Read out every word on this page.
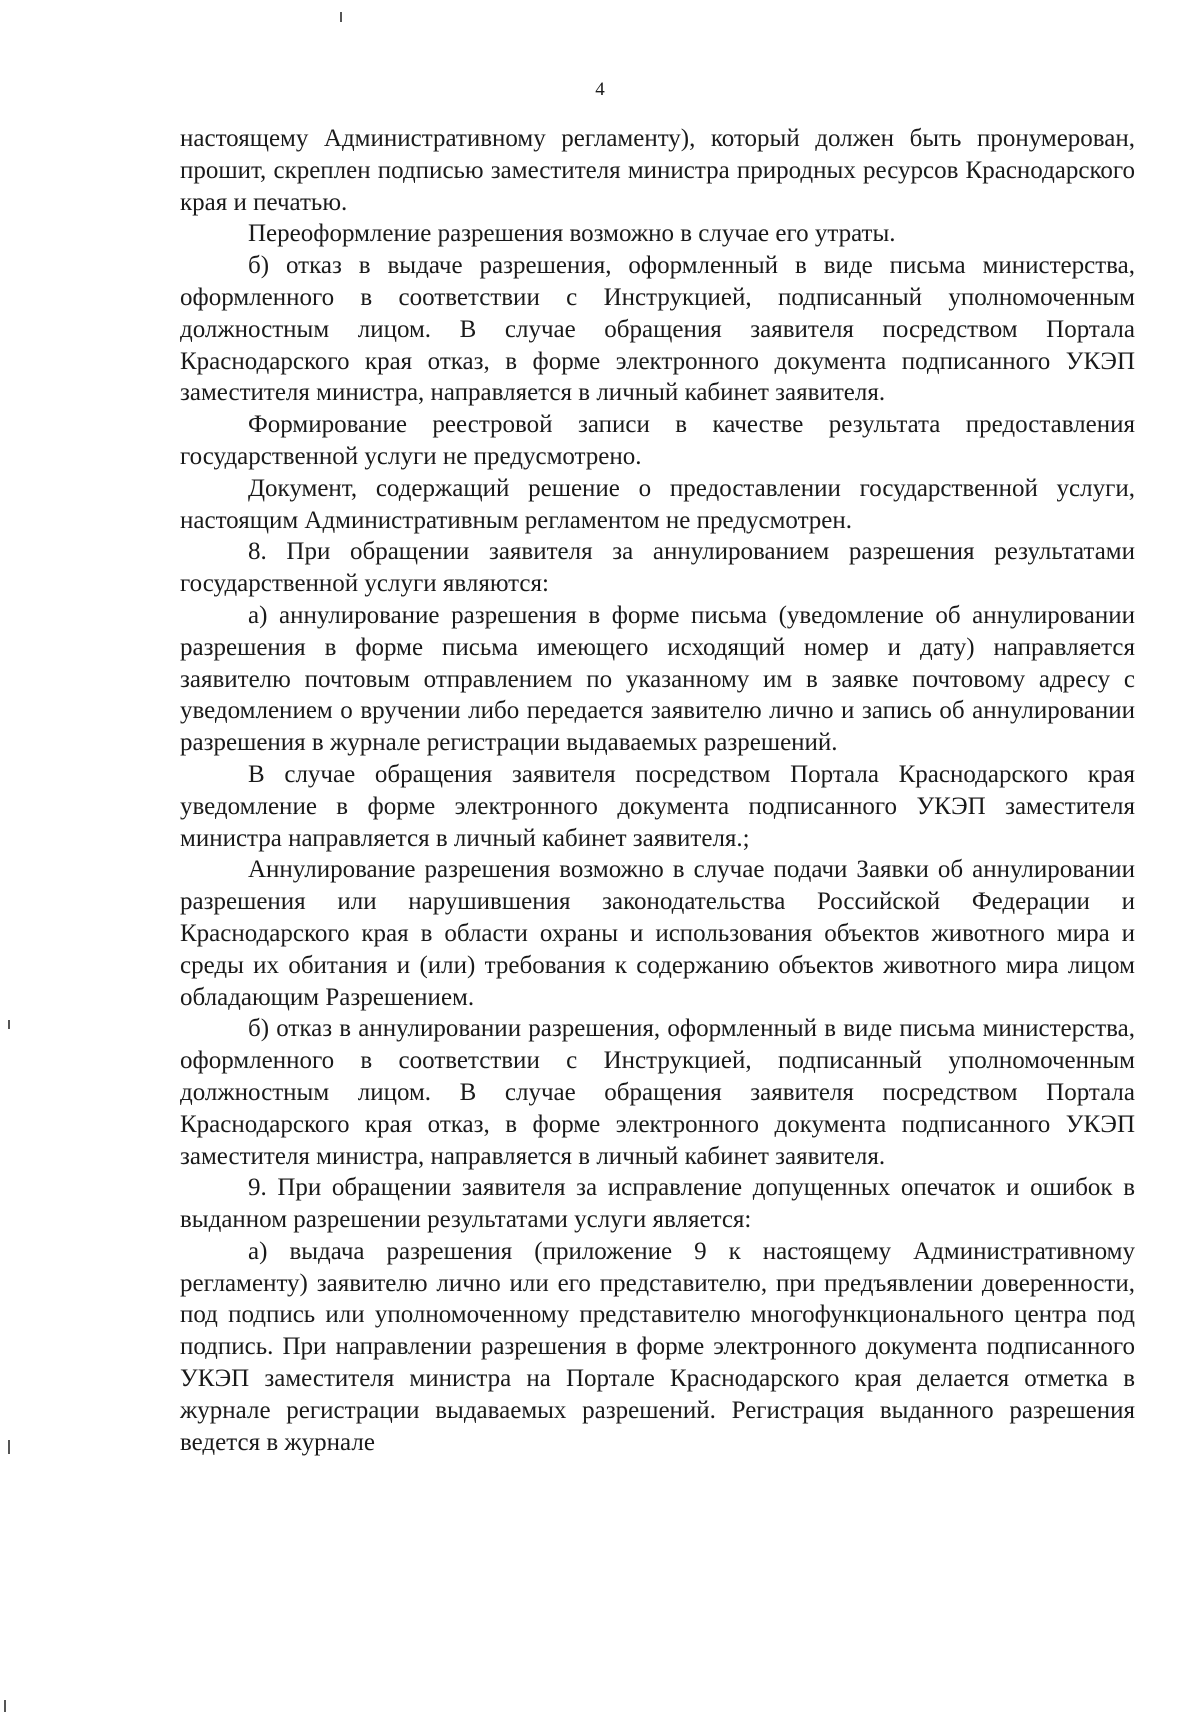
4

настоящему Административному регламенту), который должен быть пронумерован, прошит, скреплен подписью заместителя министра природных ресурсов Краснодарского края и печатью.

Переоформление разрешения возможно в случае его утраты.

б) отказ в выдаче разрешения, оформленный в виде письма министерства, оформленного в соответствии с Инструкцией, подписанный уполномоченным должностным лицом. В случае обращения заявителя посредством Портала Краснодарского края отказ, в форме электронного документа подписанного УКЭП заместителя министра, направляется в личный кабинет заявителя.

Формирование реестровой записи в качестве результата предоставления государственной услуги не предусмотрено.

Документ, содержащий решение о предоставлении государственной услуги, настоящим Административным регламентом не предусмотрен.

8. При обращении заявителя за аннулированием разрешения результатами государственной услуги являются:

а) аннулирование разрешения в форме письма (уведомление об аннулировании разрешения в форме письма имеющего исходящий номер и дату) направляется заявителю почтовым отправлением по указанному им в заявке почтовому адресу с уведомлением о вручении либо передается заявителю лично и запись об аннулировании разрешения в журнале регистрации выдаваемых разрешений.

В случае обращения заявителя посредством Портала Краснодарского края уведомление в форме электронного документа подписанного УКЭП заместителя министра направляется в личный кабинет заявителя.;

Аннулирование разрешения возможно в случае подачи Заявки об аннулировании разрешения или нарушившения законодательства Российской Федерации и Краснодарского края в области охраны и использования объектов животного мира и среды их обитания и (или) требования к содержанию объектов животного мира лицом обладающим Разрешением.

б) отказ в аннулировании разрешения, оформленный в виде письма министерства, оформленного в соответствии с Инструкцией, подписанный уполномоченным должностным лицом. В случае обращения заявителя посредством Портала Краснодарского края отказ, в форме электронного документа подписанного УКЭП заместителя министра, направляется в личный кабинет заявителя.

9. При обращении заявителя за исправление допущенных опечаток и ошибок в выданном разрешении результатами услуги является:

а) выдача разрешения (приложение 9 к настоящему Административному регламенту) заявителю лично или его представителю, при предъявлении доверенности, под подпись или уполномоченному представителю многофункционального центра под подпись. При направлении разрешения в форме электронного документа подписанного УКЭП заместителя министра на Портале Краснодарского края делается отметка в журнале регистрации выдаваемых разрешений. Регистрация выданного разрешения ведется в журнале
